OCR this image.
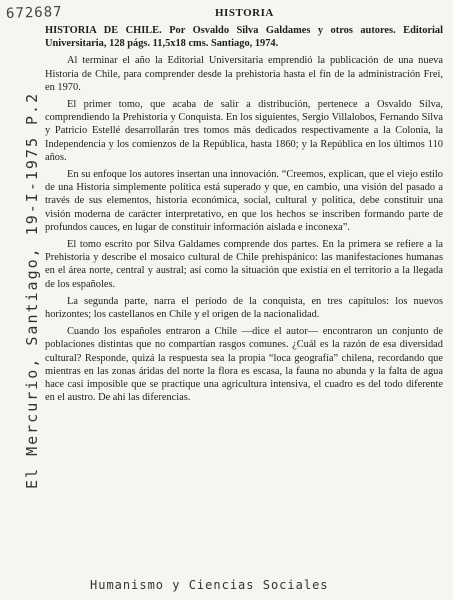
672687
El Mercurio, Santiago, 19-I-1975 P.2
HISTORIA

HISTORIA DE CHILE. Por Osvaldo Silva Galdames y otros autores. Editorial Universitaria, 128 págs. 11,5x18 cms. Santiago, 1974.

Al terminar el año la Editorial Universitaria emprendió la publicación de una nueva Historia de Chile, para comprender desde la prehistoria hasta el fin de la administración Frei, en 1970.

El primer tomo, que acaba de salir a distribución, pertenece a Osvaldo Silva, comprendiendo la Prehistoria y Conquista. En los siguientes, Sergio Villalobos, Fernando Silva y Patricio Estellé desarrollarán tres tomos más dedicados respectivamente a la Colonia, la Independencia y los comienzos de la República, hasta 1860; y la República en los últimos 110 años.

En su enfoque los autores insertan una innovación. “Creemos, explican, que el viejo estilo de una Historia simplemente política está superado y que, en cambio, una visión del pasado a través de sus elementos, historia económica, social, cultural y política, debe constituir una visión moderna de carácter interpretativo, en que los hechos se inscriben formando parte de profundos cauces, en lugar de constituir información aislada e inconexa”.

El tomo escrito por Silva Galdames comprende dos partes. En la primera se refiere a la Prehistoria y describe el mosaico cultural de Chile prehispánico: las manifestaciones humanas en el área norte, central y austral; así como la situación que existía en el territorio a la llegada de los españoles.

La segunda parte, narra el período de la conquista, en tres capítulos: los nuevos horizontes; los castellanos en Chile y el origen de la nacionalidad.

Cuando los españoles entraron a Chile —dice el autor— encontraron un conjunto de poblaciones distintas que no compartían rasgos comunes. ¿Cuál es la razón de esa diversidad cultural? Responde, quizá la respuesta sea la propia “loca geografía” chilena, recordando que mientras en las zonas áridas del norte la flora es escasa, la fauna no abunda y la falta de agua hace casi imposible que se practique una agricultura intensiva, el cuadro es del todo diferente en el austro. De ahí las diferencias.

Humanismo y Ciencias Sociales
